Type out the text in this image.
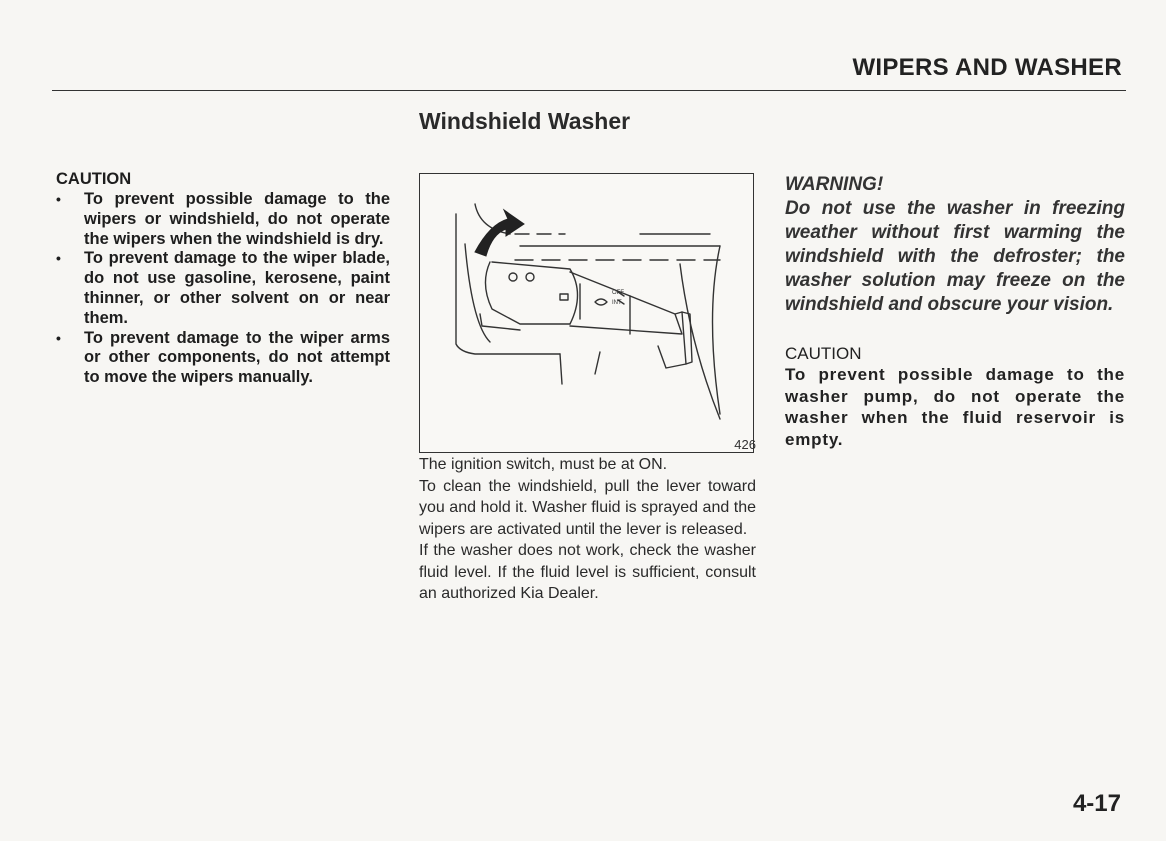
WIPERS AND WASHER
Windshield Washer
CAUTION
• To prevent possible damage to the wipers or windshield, do not operate the wipers when the windshield is dry.
• To prevent damage to the wiper blade, do not use gasoline, kerosene, paint thinner, or other solvent on or near them.
• To prevent damage to the wiper arms or other components, do not attempt to move the wipers manually.
OFF
INT
426

The ignition switch, must be at ON.

To clean the windshield, pull the lever toward you and hold it. Washer fluid is sprayed and the wipers are activated until the lever is released.

If the washer does not work, check the washer fluid level. If the fluid level is sufficient, consult an authorized Kia Dealer.

WARNING!

Do not use the washer in freezing weather without first warming the windshield with the defroster; the washer solution may freeze on the windshield and obscure your vision.

CAUTION

To prevent possible damage to the washer pump, do not operate the washer when the fluid reservoir is empty.

4-17
